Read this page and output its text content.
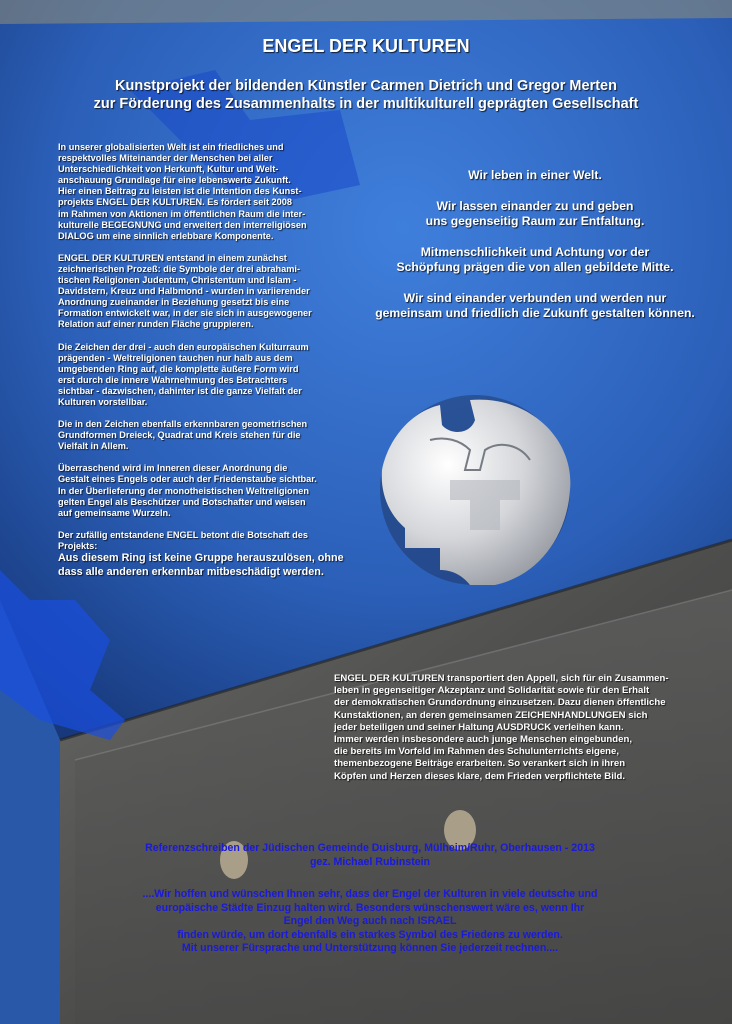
ENGEL DER KULTUREN
Kunstprojekt der bildenden Künstler Carmen Dietrich und Gregor Merten
zur Förderung des Zusammenhalts in der multikulturell geprägten Gesellschaft

In unserer globalisierten Welt ist ein friedliches und
respektvolles Miteinander der Menschen bei aller
Unterschiedlichkeit von Herkunft, Kultur und Welt-
anschauung Grundlage für eine lebenswerte Zukunft.
Hier einen Beitrag zu leisten ist die Intention des Kunst-
projekts ENGEL DER KULTUREN. Es fördert seit 2008
im Rahmen von Aktionen im öffentlichen Raum die inter-
kulturelle BEGEGNUNG und erweitert den interreligiösen
DIALOG um eine sinnlich erlebbare Komponente.

ENGEL DER KULTUREN entstand in einem zunächst
zeichnerischen Prozeß: die Symbole der drei abrahami-
tischen Religionen Judentum, Christentum und Islam -
Davidstern, Kreuz und Halbmond - wurden in variierender
Anordnung zueinander in Beziehung gesetzt bis eine
Formation entwickelt war, in der sie sich in ausgewogener
Relation auf einer runden Fläche gruppieren.

Die Zeichen der drei - auch den europäischen Kulturraum
prägenden - Weltreligionen tauchen nur halb aus dem
umgebenden Ring auf, die komplette äußere Form wird
erst durch die innere Wahrnehmung des Betrachters
sichtbar - dazwischen, dahinter ist die ganze Vielfalt der
Kulturen vorstellbar.

Die in den Zeichen ebenfalls erkennbaren geometrischen
Grundformen Dreieck, Quadrat und Kreis stehen für die
Vielfalt in Allem.

Überraschend wird im Inneren dieser Anordnung die
Gestalt eines Engels oder auch der Friedenstaube sichtbar.
In der Überlieferung der monotheistischen Weltreligionen
gelten Engel als Beschützer und Botschafter und weisen
auf gemeinsame Wurzeln.

Der zufällig entstandene ENGEL betont die Botschaft des
Projekts:

Aus diesem Ring ist keine Gruppe herauszulösen, ohne
dass alle anderen erkennbar mitbeschädigt werden.

Wir leben in einer Welt.

Wir lassen einander zu und geben
uns gegenseitig Raum zur Entfaltung.

Mitmenschlichkeit und Achtung vor der
Schöpfung prägen die von allen gebildete Mitte.

Wir sind einander verbunden und werden nur
gemeinsam und friedlich die Zukunft gestalten können.

ENGEL DER KULTUREN transportiert den Appell, sich für ein Zusammen-
leben in gegenseitiger Akzeptanz und Solidarität sowie für den Erhalt
der demokratischen Grundordnung einzusetzen. Dazu dienen öffentliche
Kunstaktionen, an deren gemeinsamen ZEICHENHANDLUNGEN sich
jeder beteiligen und seiner Haltung AUSDRUCK verleihen kann.
Immer werden insbesondere auch junge Menschen eingebunden,
die bereits im Vorfeld im Rahmen des Schulunterrichts eigene,
themenbezogene Beiträge erarbeiten. So verankert sich in ihren
Köpfen und Herzen dieses klare, dem Frieden verpflichtete Bild.
Referenzschreiben der Jüdischen Gemeinde Duisburg, Mülheim/Ruhr, Oberhausen - 2013
gez. Michael Rubinstein
....Wir hoffen und wünschen Ihnen sehr, dass der Engel der Kulturen in viele deutsche und
europäische Städte Einzug halten wird. Besonders wünschenswert wäre es, wenn Ihr
Engel den Weg auch nach ISRAEL
finden würde, um dort ebenfalls ein starkes Symbol des Friedens zu werden.
Mit unserer Fürsprache und Unterstützung können Sie jederzeit rechnen....
